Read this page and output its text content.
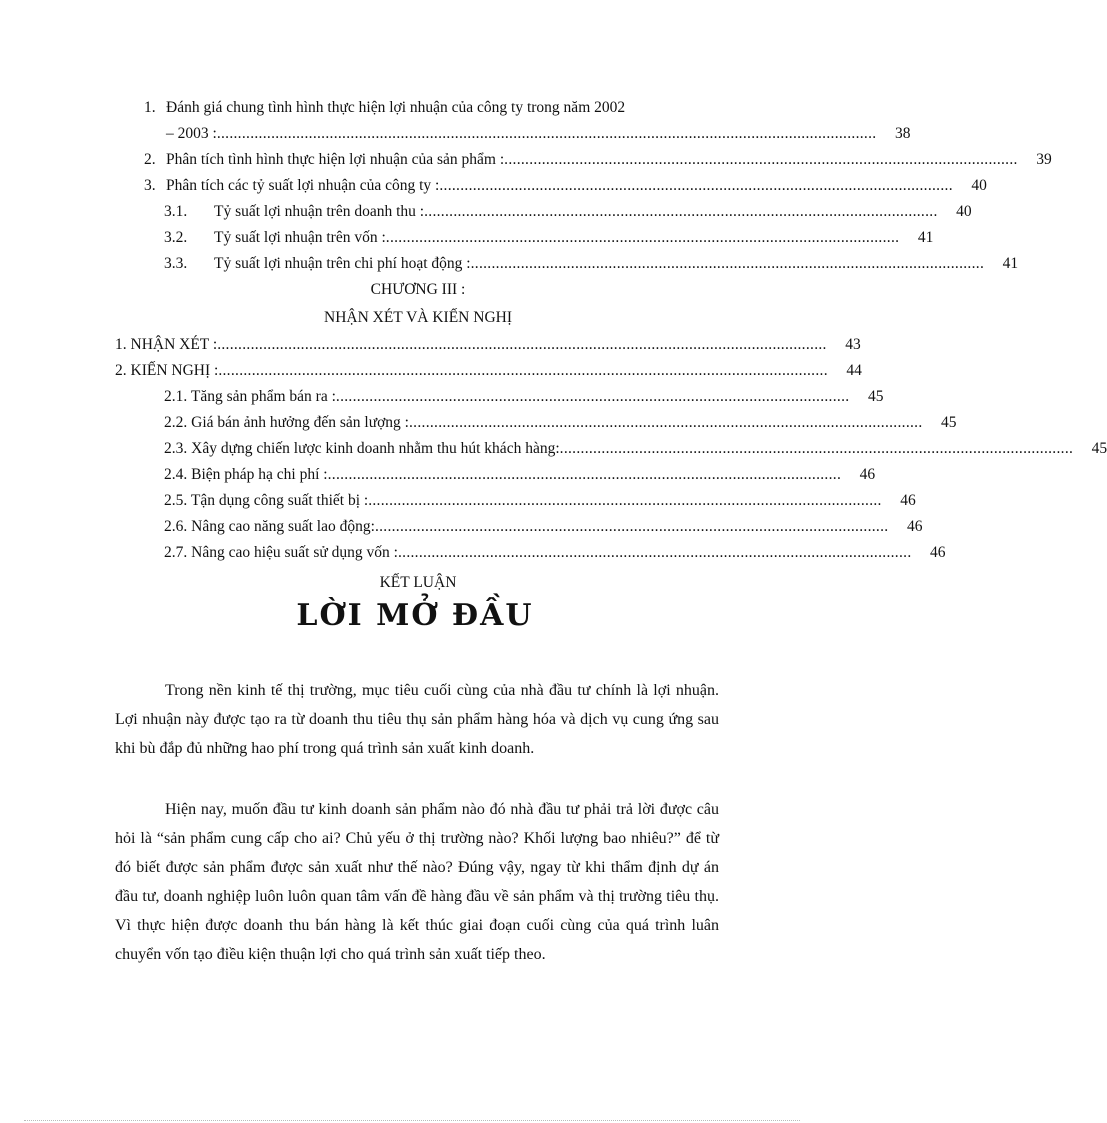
1. Đánh giá chung tình hình thực hiện lợi nhuận của công ty trong năm 2002
– 2003 : ..............................................................................................................................................................	38
2. Phân tích tình hình thực hiện lợi nhuận của sản phẩm : ...........................................................................................................................	39
3. Phân tích các tỷ suất lợi nhuận của công ty : ...........................................................................................................................	40
3.1.	Tỷ suất lợi nhuận trên doanh thu : ...........................................................................................................................	40
3.2.	Tỷ suất lợi nhuận trên vốn : ...........................................................................................................................	41
3.3.	Tỷ suất lợi nhuận trên chi phí hoạt động : ...........................................................................................................................	41
CHƯƠNG III :
NHẬN XÉT VÀ KIẾN NGHỊ
1. NHẬN XÉT : ..................................................................................................................................................	43
2. KIẾN NGHỊ : ..................................................................................................................................................	44
2.1. Tăng sản phẩm bán ra : ...........................................................................................................................	45
2.2. Giá bán ảnh hưởng đến sản lượng : ...........................................................................................................................	45
2.3. Xây dựng chiến lược kinh doanh nhằm thu hút khách hàng: ...........................................................................................................................	45
2.4. Biện pháp hạ chi phí : ...........................................................................................................................	46
2.5. Tận dụng công suất thiết bị : ...........................................................................................................................	46
2.6. Nâng cao năng suất lao động: ...........................................................................................................................	46
2.7. Nâng cao hiệu suất sử dụng vốn : ...........................................................................................................................	46
KẾT LUẬN
LỜI MỞ ĐẦU

Trong nền kinh tế thị trường, mục tiêu cuối cùng của nhà đầu tư chính là lợi nhuận. Lợi nhuận này được tạo ra từ doanh thu tiêu thụ sản phẩm hàng hóa và dịch vụ cung ứng sau khi bù đắp đủ những hao phí trong quá trình sản xuất kinh doanh.

Hiện nay, muốn đầu tư kinh doanh sản phẩm nào đó nhà đầu tư phải trả lời được câu hỏi là “sản phẩm cung cấp cho ai? Chủ yếu ở thị trường nào? Khối lượng bao nhiêu?” để từ đó biết được sản phẩm được sản xuất như thế nào? Đúng vậy, ngay từ khi thẩm định dự án đầu tư, doanh nghiệp luôn luôn quan tâm vấn đề hàng đầu về sản phẩm và thị trường tiêu thụ. Vì thực hiện được doanh thu bán hàng là kết thúc giai đoạn cuối cùng của quá trình luân chuyển vốn tạo điều kiện thuận lợi cho quá trình sản xuất tiếp theo.
